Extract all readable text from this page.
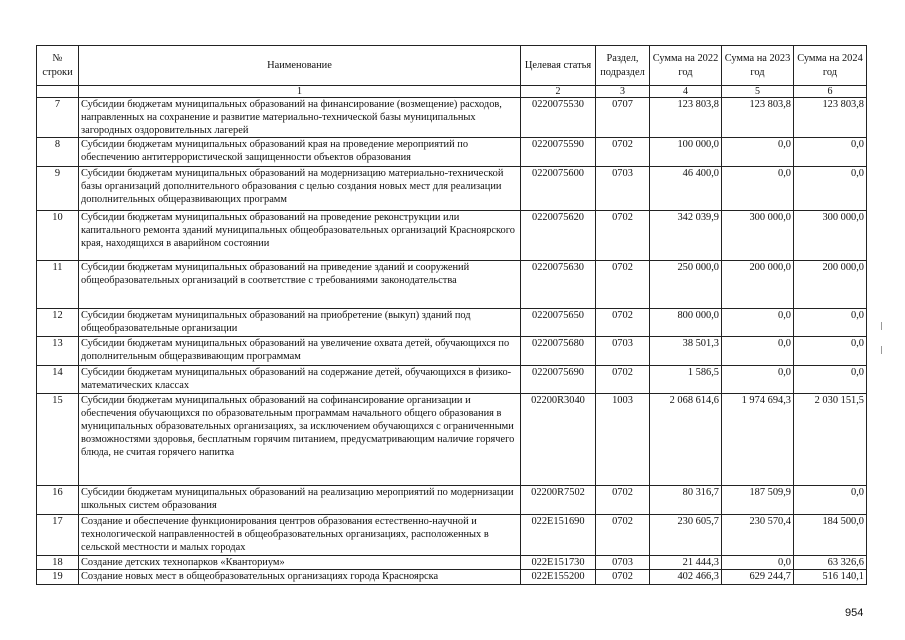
№ строки	Наименование	Целевая статья	Раздел, подраздел	Сумма на 2022 год	Сумма на 2023 год	Сумма на 2024 год
	1	2	3	4	5	6
7	Субсидии бюджетам муниципальных образований на финансирование (возмещение) расходов, направленных на сохранение и развитие материально-технической базы муниципальных загородных оздоровительных лагерей	0220075530	0707	123 803,8	123 803,8	123 803,8
8	Субсидии бюджетам муниципальных образований края на проведение мероприятий по обеспечению антитеррористической защищенности объектов образования	0220075590	0702	100 000,0	0,0	0,0
9	Субсидии бюджетам муниципальных образований на модернизацию материально-технической базы организаций дополнительного образования с целью создания новых мест для реализации дополнительных общеразвивающих программ	0220075600	0703	46 400,0	0,0	0,0
10	Субсидии бюджетам муниципальных образований на проведение реконструкции или капитального ремонта зданий муниципальных общеобразовательных организаций Красноярского края, находящихся в аварийном состоянии	0220075620	0702	342 039,9	300 000,0	300 000,0
11	Субсидии бюджетам муниципальных образований на приведение зданий и сооружений общеобразовательных организаций в соответствие с требованиями законодательства	0220075630	0702	250 000,0	200 000,0	200 000,0
12	Субсидии бюджетам муниципальных образований на приобретение (выкуп) зданий под общеобразовательные организации	0220075650	0702	800 000,0	0,0	0,0
13	Субсидии бюджетам муниципальных образований на увеличение охвата детей, обучающихся по дополнительным общеразвивающим программам	0220075680	0703	38 501,3	0,0	0,0
14	Субсидии бюджетам муниципальных образований на содержание детей, обучающихся в физико-математических классах	0220075690	0702	1 586,5	0,0	0,0
15	Субсидии бюджетам муниципальных образований на софинансирование организации и обеспечения обучающихся по образовательным программам начального общего образования в муниципальных образовательных организациях, за исключением обучающихся с ограниченными возможностями здоровья, бесплатным горячим питанием, предусматривающим наличие горячего блюда, не считая горячего напитка	02200R3040	1003	2 068 614,6	1 974 694,3	2 030 151,5
16	Субсидии бюджетам муниципальных образований на реализацию мероприятий по модернизации школьных систем образования	02200R7502	0702	80 316,7	187 509,9	0,0
17	Создание и обеспечение функционирования центров образования естественно-научной и технологической направленностей в общеобразовательных организациях, расположенных в сельской местности и малых городах	022E151690	0702	230 605,7	230 570,4	184 500,0
18	Создание детских технопарков «Кванториум»	022E151730	0703	21 444,3	0,0	63 326,6
19	Создание новых мест в общеобразовательных организациях города Красноярска	022E155200	0702	402 466,3	629 244,7	516 140,1
954
